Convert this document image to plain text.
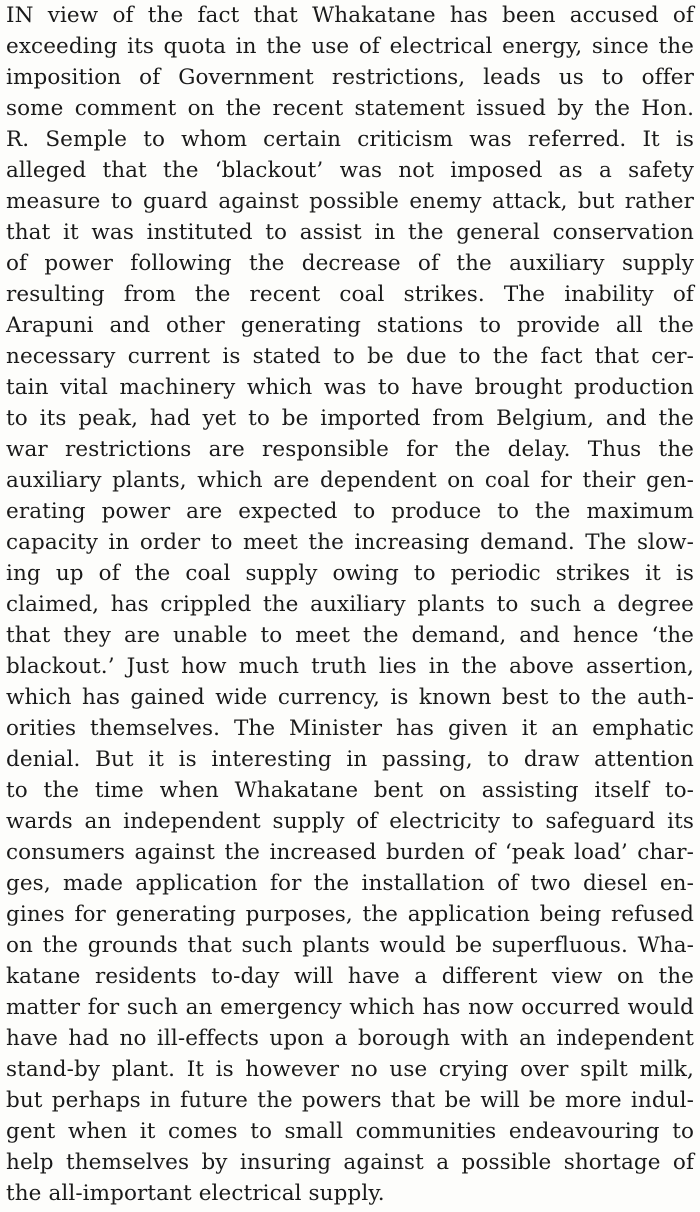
IN view of the fact that Whakatane has been accused of
exceeding its quota in the use of electrical energy, since the
imposition of Government restrictions, leads us to offer
some comment on the recent statement issued by the Hon.
R. Semple to whom certain criticism was referred. It is
alleged that the ‘blackout’ was not imposed as a safety
measure to guard against possible enemy attack, but rather
that it was instituted to assist in the general conservation
of power following the decrease of the auxiliary supply
resulting from the recent coal strikes. The inability of
Arapuni and other generating stations to provide all the
necessary current is stated to be due to the fact that cer-
tain vital machinery which was to have brought production
to its peak, had yet to be imported from Belgium, and the
war restrictions are responsible for the delay. Thus the
auxiliary plants, which are dependent on coal for their gen-
erating power are expected to produce to the maximum
capacity in order to meet the increasing demand. The slow-
ing up of the coal supply owing to periodic strikes it is
claimed, has crippled the auxiliary plants to such a degree
that they are unable to meet the demand, and hence ‘the
blackout.’ Just how much truth lies in the above assertion,
which has gained wide currency, is known best to the auth-
orities themselves. The Minister has given it an emphatic
denial. But it is interesting in passing, to draw attention
to the time when Whakatane bent on assisting itself to-
wards an independent supply of electricity to safeguard its
consumers against the increased burden of ‘peak load’ char-
ges, made application for the installation of two diesel en-
gines for generating purposes, the application being refused
on the grounds that such plants would be superfluous. Wha-
katane residents to-day will have a different view on the
matter for such an emergency which has now occurred would
have had no ill-effects upon a borough with an independent
stand-by plant. It is however no use crying over spilt milk,
but perhaps in future the powers that be will be more indul-
gent when it comes to small communities endeavouring to
help themselves by insuring against a possible shortage of
the all-important electrical supply.
